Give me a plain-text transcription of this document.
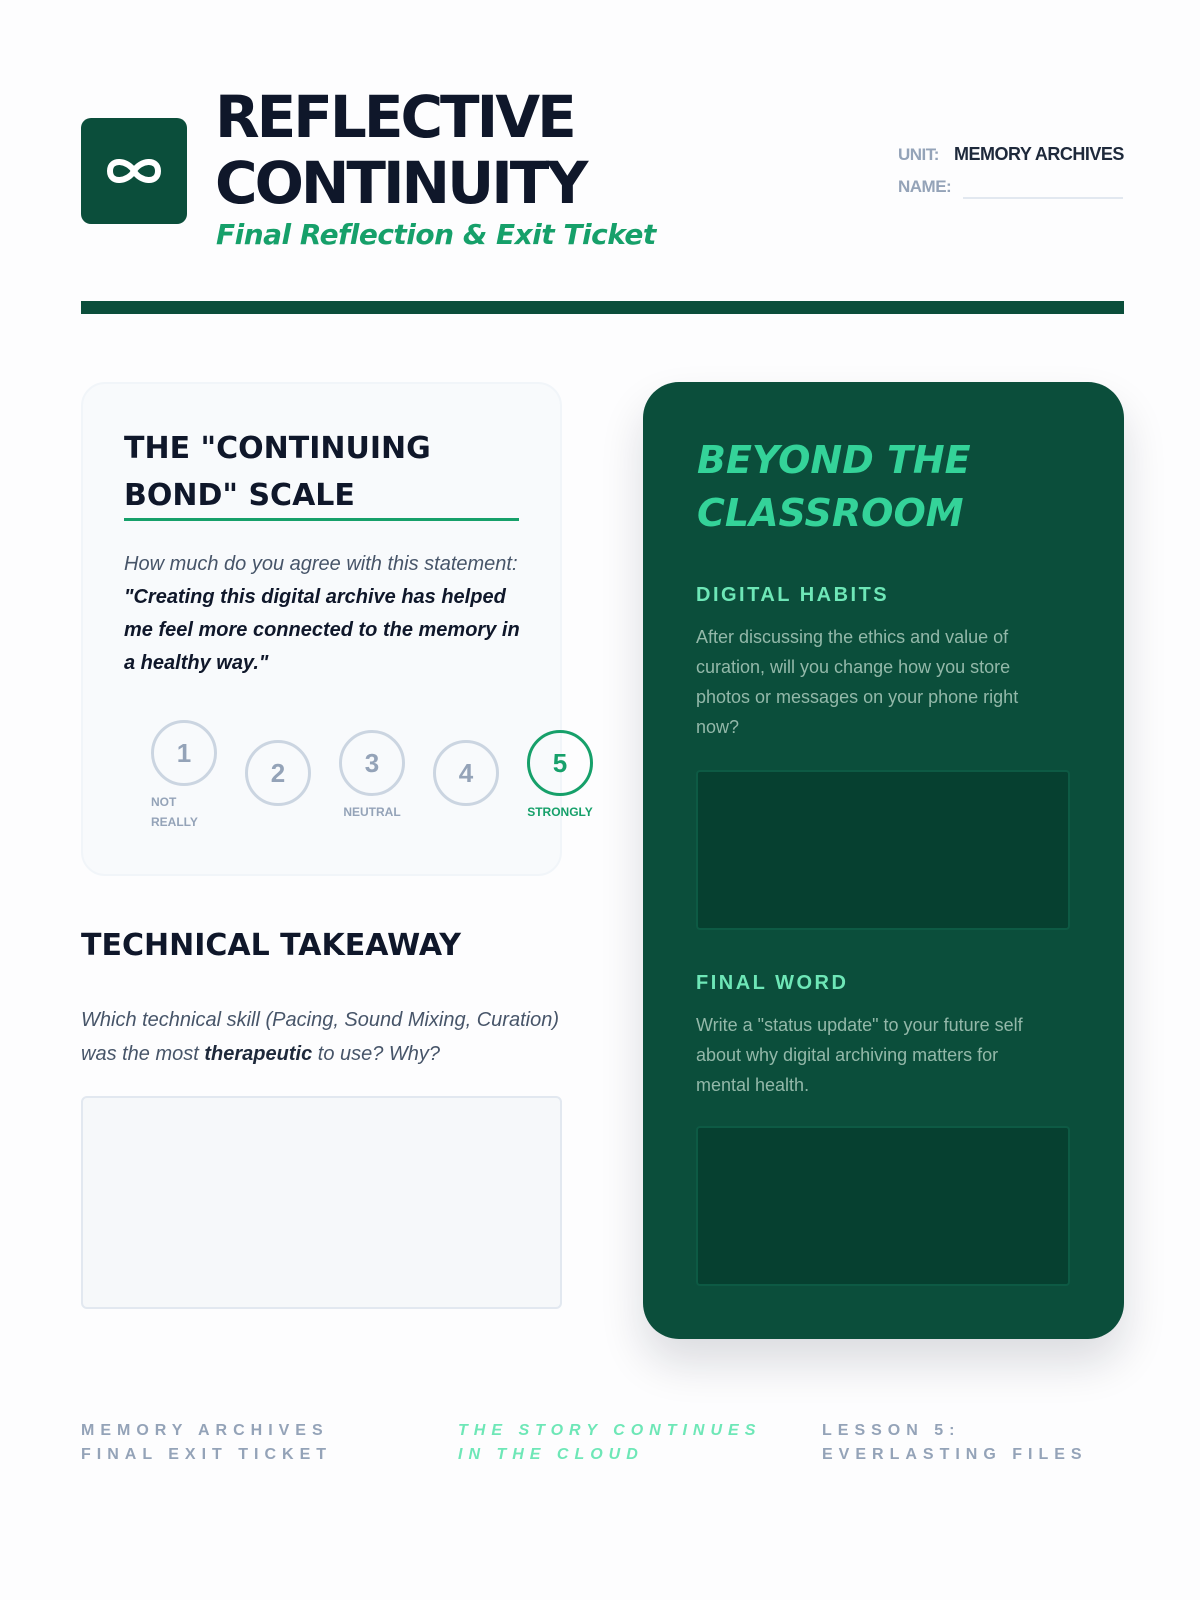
REFLECTIVE
CONTINUITY
Final Reflection & Exit Ticket
UNIT: MEMORY ARCHIVES
NAME:
THE "CONTINUING BOND" SCALE
How much do you agree with this statement: "Creating this digital archive has helped me feel more connected to the memory in a healthy way."
1
2	3	4	5
NOT REALLY
NEUTRAL	STRONGLY
TECHNICAL TAKEAWAY
Which technical skill (Pacing, Sound Mixing, Curation) was the most therapeutic to use? Why?
BEYOND THE CLASSROOM
DIGITAL HABITS
After discussing the ethics and value of curation, will you change how you store photos or messages on your phone right now?
FINAL WORD
Write a "status update" to your future self about why digital archiving matters for mental health.
MEMORY ARCHIVES FINAL EXIT TICKET
THE STORY CONTINUES IN THE CLOUD
LESSON 5: EVERLASTING FILES
